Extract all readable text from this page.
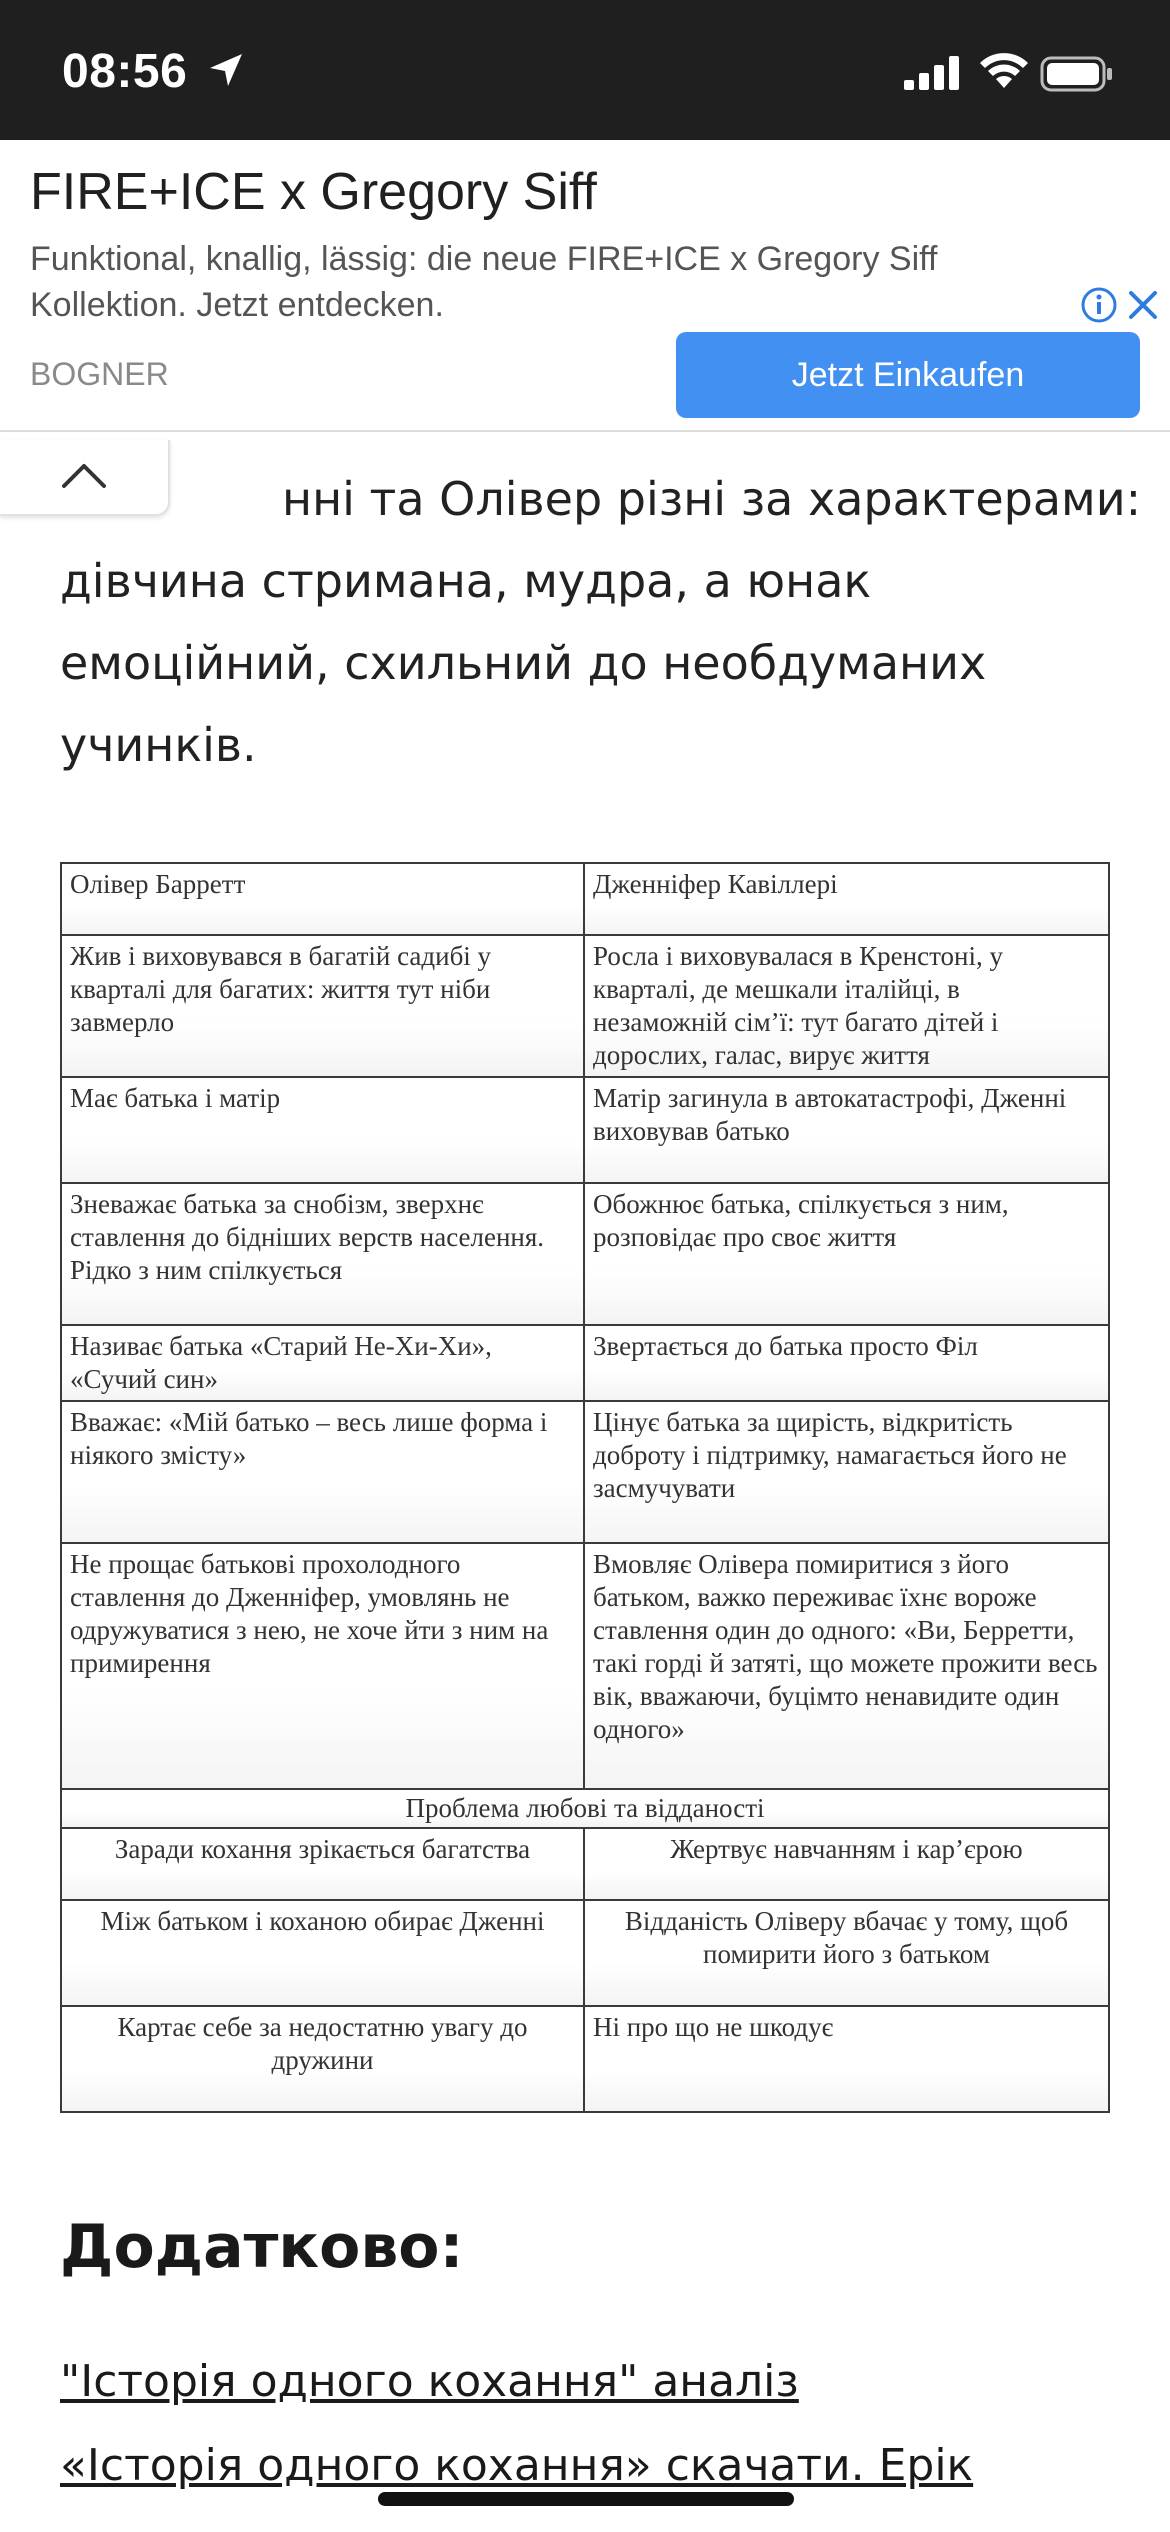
08:56
FIRE+ICE x Gregory Siff
Funktional, knallig, lässig: die neue FIRE+ICE x Gregory Siff Kollektion. Jetzt entdecken.
BOGNER	Jetzt Einkaufen
нні та Олівер різні за характерами:
дівчина стримана, мудра, а юнак
емоційний, схильний до необдуманих
учинків.
Олівер Барретт	Дженніфер Кавіллері
Жив і виховувався в багатій садибі у кварталі для багатих: життя тут ніби завмерло	Росла і виховувалася в Кренстоні, у кварталі, де мешкали італійці, в незаможній сім’ї: тут багато дітей і дорослих, галас, вирує життя
Має батька і матір	Матір загинула в автокатастрофі, Дженні виховував батько
Зневажає батька за снобізм, зверхнє ставлення до бідніших верств населення. Рідко з ним спілкується	Обожнює батька, спілкується з ним, розповідає про своє життя
Називає батька «Старий Не-Хи-Хи», «Сучий син»	Звертається до батька просто Філ
Вважає: «Мій батько – весь лише форма і ніякого змісту»	Цінує батька за щирість, відкритість доброту і підтримку, намагається його не засмучувати
Не прощає батькові прохолодного ставлення до Дженніфер, умовлянь не одружуватися з нею, не хоче йти з ним на примирення	Вмовляє Олівера помиритися з його батьком, важко переживає їхнє вороже ставлення один до одного: «Ви, Берретти, такі горді й затяті, що можете прожити весь вік, вважаючи, буцімто ненавидите один одного»
Проблема любові та відданості	
Заради кохання зрікається багатства	Жертвує навчанням і кар’єрою
Між батьком і коханою обирає Дженні	Відданість Оліверу вбачає у тому, щоб помирити його з батьком
Картає себе за недостатню увагу до дружини	Ні про що не шкодує
Додатково:
"Історія одного кохання" аналіз
«Історія одного кохання» скачати. Ерік
